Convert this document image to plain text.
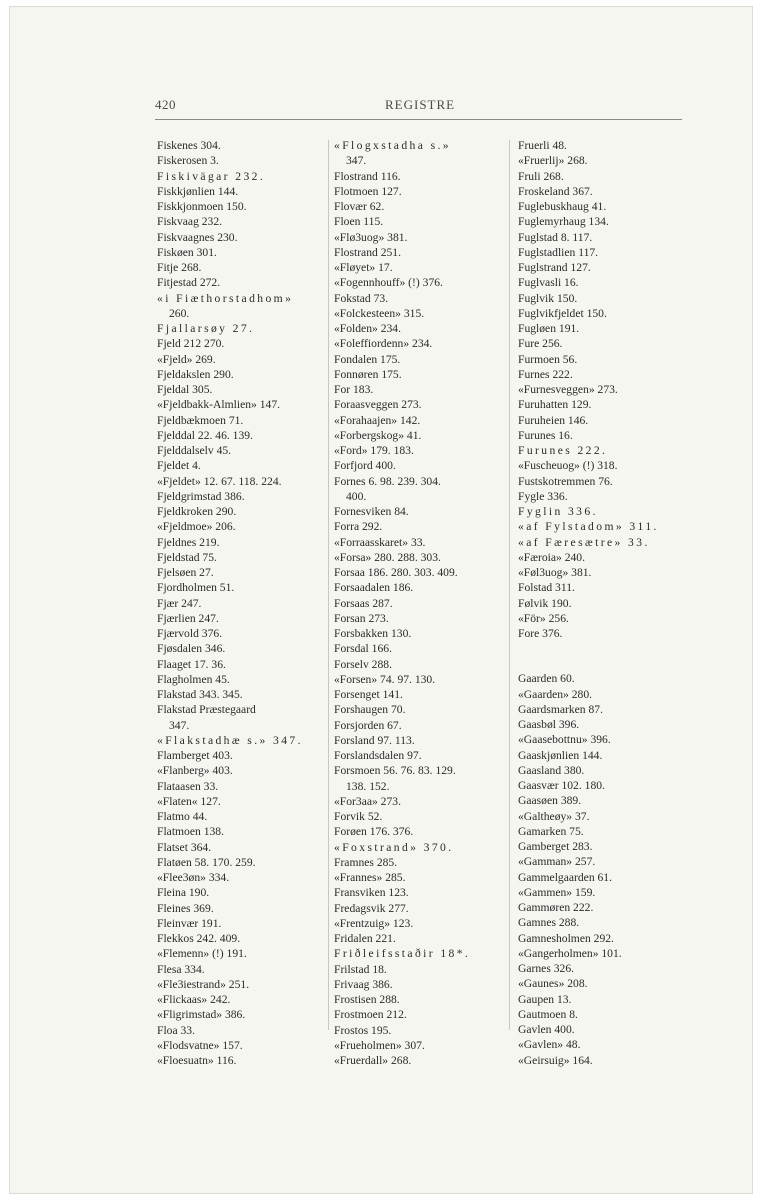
420	REGISTRE
Fiskenes 304.
Fiskerosen 3.
Fiskivägar 232.
Fiskkjønlien 144.
Fiskkjonmoen 150.
Fiskvaag 232.
Fiskvaagnes 230.
Fiskøen 301.
Fitje 268.
Fitjestad 272.
«i Fiæthorstadhom»
260.
Fjallarsøy 27.
Fjeld 212 270.
«Fjeld» 269.
Fjeldakslen 290.
Fjeldal 305.
«Fjeldbakk-Almlien» 147.
Fjeldbækmoen 71.
Fjelddal 22. 46. 139.
Fjelddalselv 45.
Fjeldet 4.
«Fjeldet» 12. 67. 118. 224.
Fjeldgrimstad 386.
Fjeldkroken 290.
«Fjeldmoe» 206.
Fjeldnes 219.
Fjeldstad 75.
Fjelsøen 27.
Fjordholmen 51.
Fjær 247.
Fjærlien 247.
Fjærvold 376.
Fjøsdalen 346.
Flaaget 17. 36.
Flagholmen 45.
Flakstad 343. 345.
Flakstad Præstegaard
347.
«Flakstadhæ s.» 347.
Flamberget 403.
«Flanberg» 403.
Flataasen 33.
«Flaten« 127.
Flatmo 44.
Flatmoen 138.
Flatset 364.
Flatøen 58. 170. 259.
«Flee3øn» 334.
Fleina 190.
Fleines 369.
Fleinvær 191.
Flekkos 242. 409.
«Flemenn» (!) 191.
Flesa 334.
«Fle3iestrand» 251.
«Flickaas» 242.
«Fligrimstad» 386.
Floa 33.
«Flodsvatne» 157.
«Floesuatn» 116.
«Flogxstadha s.»
347.
Flostrand 116.
Flotmoen 127.
Flovær 62.
Floen 115.
«Flø3uog» 381.
Flostrand 251.
«Fløyet» 17.
«Fogennhouff» (!) 376.
Fokstad 73.
«Folckesteen» 315.
«Folden» 234.
«Foleffiordenn» 234.
Fondalen 175.
Fonnøren 175.
For 183.
Foraasveggen 273.
«Forahaajen» 142.
«Forbergskog» 41.
«Ford» 179. 183.
Forfjord 400.
Fornes 6. 98. 239. 304.
400.
Fornesviken 84.
Forra 292.
«Forraasskaret» 33.
«Forsa» 280. 288. 303.
Forsaa 186. 280. 303. 409.
Forsaadalen 186.
Forsaas 287.
Forsan 273.
Forsbakken 130.
Forsdal 166.
Forselv 288.
«Forsen» 74. 97. 130.
Forsenget 141.
Forshaugen 70.
Forsjorden 67.
Forsland 97. 113.
Forslandsdalen 97.
Forsmoen 56. 76. 83. 129.
138. 152.
«For3aa» 273.
Forvik 52.
Forøen 176. 376.
«Foxstrand» 370.
Framnes 285.
«Frannes» 285.
Fransviken 123.
Fredagsvik 277.
«Frentzuig» 123.
Fridalen 221.
Friðleifsstaðir 18*.
Frilstad 18.
Frivaag 386.
Frostisen 288.
Frostmoen 212.
Frostos 195.
«Frueholmen» 307.
«Fruerdall» 268.
Fruerli 48.
«Fruerlij» 268.
Fruli 268.
Froskeland 367.
Fuglebuskhaug 41.
Fuglemyrhaug 134.
Fuglstad 8. 117.
Fuglstadlien 117.
Fuglstrand 127.
Fuglvasli 16.
Fuglvik 150.
Fuglvikfjeldet 150.
Fugløen 191.
Fure 256.
Furmoen 56.
Furnes 222.
«Furnesveggen» 273.
Furuhatten 129.
Furuheien 146.
Furunes 16.
Furunes 222.
«Fuscheuog» (!) 318.
Fustskotremmen 76.
Fygle 336.
Fyglin 336.
«af Fylstadom» 311.
«af Færesætre» 33.
«Færoia» 240.
«Føl3uog» 381.
Folstad 311.
Følvik 190.
«För» 256.
Fore 376.
Gaarden 60.
«Gaarden» 280.
Gaardsmarken 87.
Gaasbøl 396.
«Gaasebottnu» 396.
Gaaskjønlien 144.
Gaasland 380.
Gaasvær 102. 180.
Gaasøen 389.
«Galtheøy» 37.
Gamarken 75.
Gamberget 283.
«Gamman» 257.
Gammelgaarden 61.
«Gammen» 159.
Gammøren 222.
Gamnes 288.
Gamnesholmen 292.
«Gangerholmen» 101.
Garnes 326.
«Gaunes» 208.
Gaupen 13.
Gautmoen 8.
Gavlen 400.
«Gavlen» 48.
«Geirsuig» 164.
